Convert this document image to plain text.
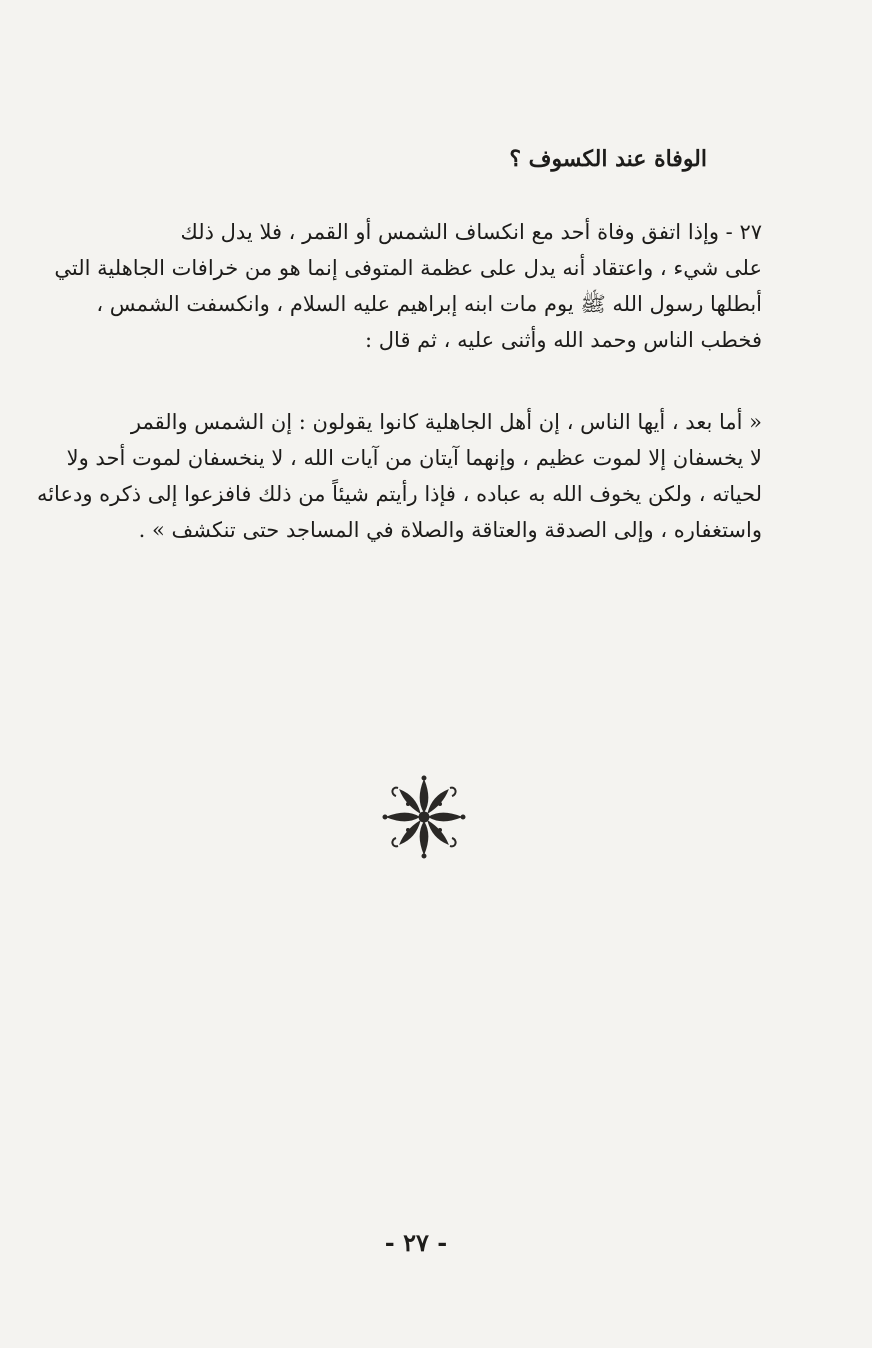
الوفاة عند الكسوف ؟
٢٧ - وإذا اتفق وفاة أحد مع انكساف الشمس أو القمر ، فلا يدل ذلك
على شيء ، واعتقاد أنه يدل على عظمة المتوفى إنما هو من خرافات الجاهلية التي
أبطلها رسول الله ﷺ يوم مات ابنه إبراهيم عليه السلام ، وانكسفت الشمس ،
فخطب الناس وحمد الله وأثنى عليه ، ثم قال :
« أما بعد ، أيها الناس ، إن أهل الجاهلية كانوا يقولون : إن الشمس والقمر
لا يخسفان إلا لموت عظيم ، وإنهما آيتان من آيات الله ، لا ينخسفان لموت أحد ولا
لحياته ، ولكن يخوف الله به عباده ، فإذا رأيتم شيئاً من ذلك فافزعوا إلى ذكره ودعائه
واستغفاره ، وإلى الصدقة والعتاقة والصلاة في المساجد حتى تنكشف » .
- ٢٧ -
